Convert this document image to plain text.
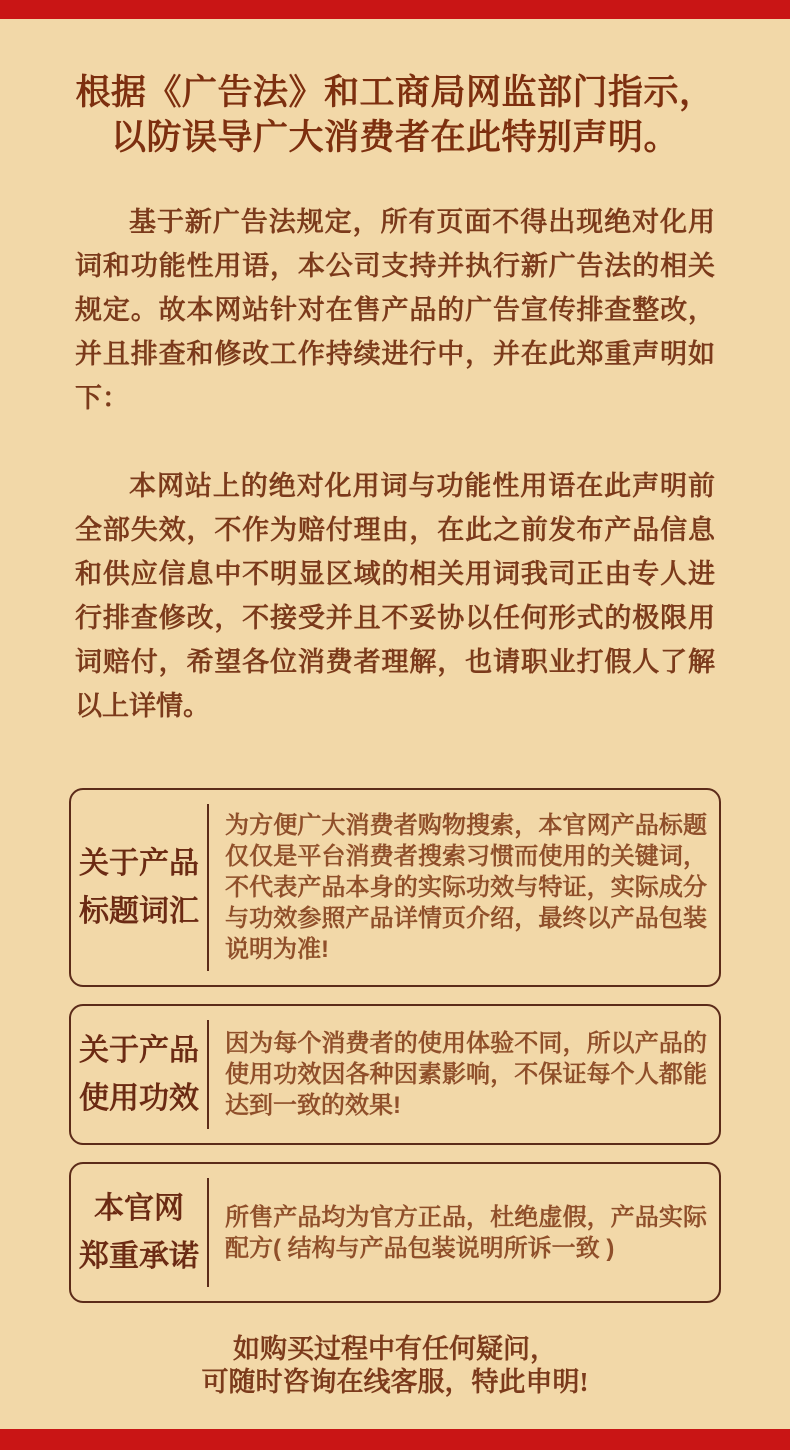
根据《广告法》和工商局网监部门指示，
以防误导广大消费者在此特别声明。

基于新广告法规定，所有页面不得出现绝对化用词和功能性用语，本公司支持并执行新广告法的相关规定。故本网站针对在售产品的广告宣传排查整改，并且排查和修改工作持续进行中，并在此郑重声明如下：

本网站上的绝对化用词与功能性用语在此声明前全部失效，不作为赔付理由，在此之前发布产品信息和供应信息中不明显区域的相关用词我司正由专人进行排查修改，不接受并且不妥协以任何形式的极限用词赔付，希望各位消费者理解，也请职业打假人了解以上详情。

关于产品
标题词汇

为方便广大消费者购物搜索，本官网产品标题仅仅是平台消费者搜索习惯而使用的关键词，不代表产品本身的实际功效与特证，实际成分与功效参照产品详情页介绍，最终以产品包装说明为准!

关于产品
使用功效

因为每个消费者的使用体验不同，所以产品的使用功效因各种因素影响，不保证每个人都能达到一致的效果!

本官网
郑重承诺

所售产品均为官方正品，杜绝虚假，产品实际配方( 结构与产品包装说明所诉一致 )

如购买过程中有任何疑问，
可随时咨询在线客服，特此申明!
